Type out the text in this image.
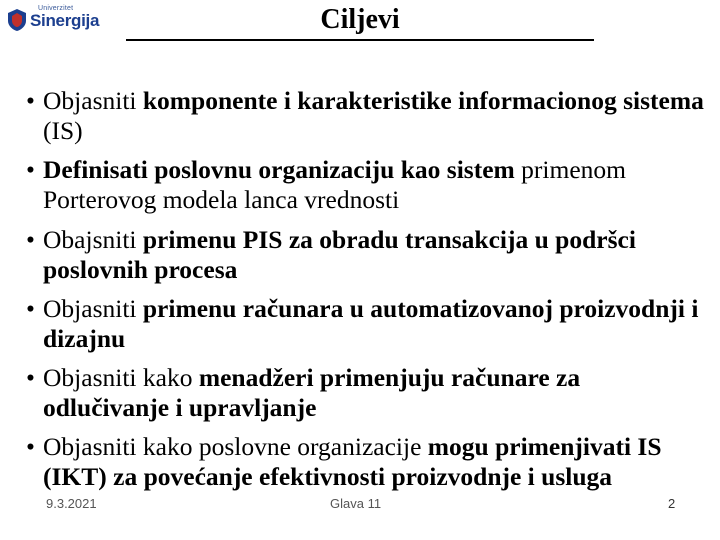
Univerzitet
Sinergija	Ciljevi
• Objasniti komponente i karakteristike informacionog sistema (IS)
• Definisati poslovnu organizaciju kao sistem primenom Porterovog modela lanca vrednosti
• Obajsniti primenu PIS za obradu transakcija u podršci poslovnih procesa
• Objasniti primenu računara u automatizovanoj proizvodnji i dizajnu
• Objasniti kako menadžeri primenjuju računare za odlučivanje i upravljanje
• Objasniti kako poslovne organizacije mogu primenjivati IS (IKT) za povećanje efektivnosti proizvodnje i usluga
9.3.2021	Glava 11	2
